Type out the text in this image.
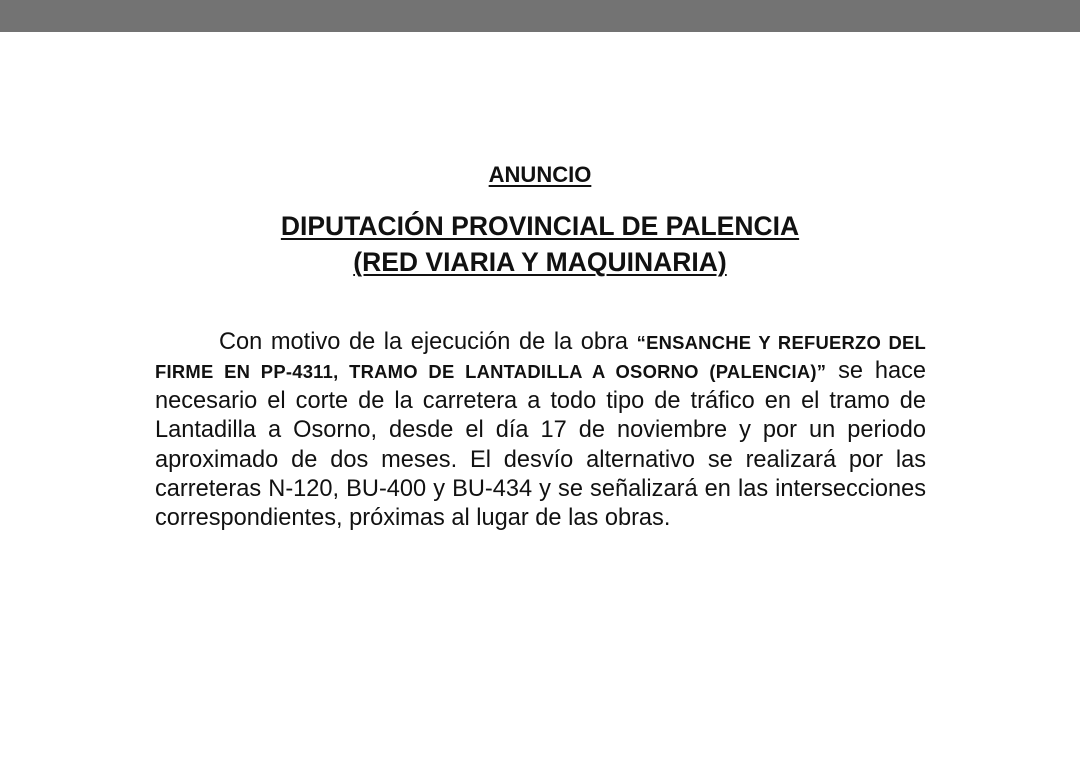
ANUNCIO
DIPUTACIÓN PROVINCIAL DE PALENCIA
(RED VIARIA Y MAQUINARIA)

Con motivo de la ejecución de la obra “ENSANCHE Y REFUERZO DEL FIRME EN PP-4311, TRAMO DE LANTADILLA A OSORNO (PALENCIA)” se hace necesario el corte de la carretera a todo tipo de tráfico en el tramo de Lantadilla a Osorno, desde el día 17 de noviembre y por un periodo aproximado de dos meses. El desvío alternativo se realizará por las carreteras N-120, BU-400 y BU-434 y se señalizará en las intersecciones correspondientes, próximas al lugar de las obras.
